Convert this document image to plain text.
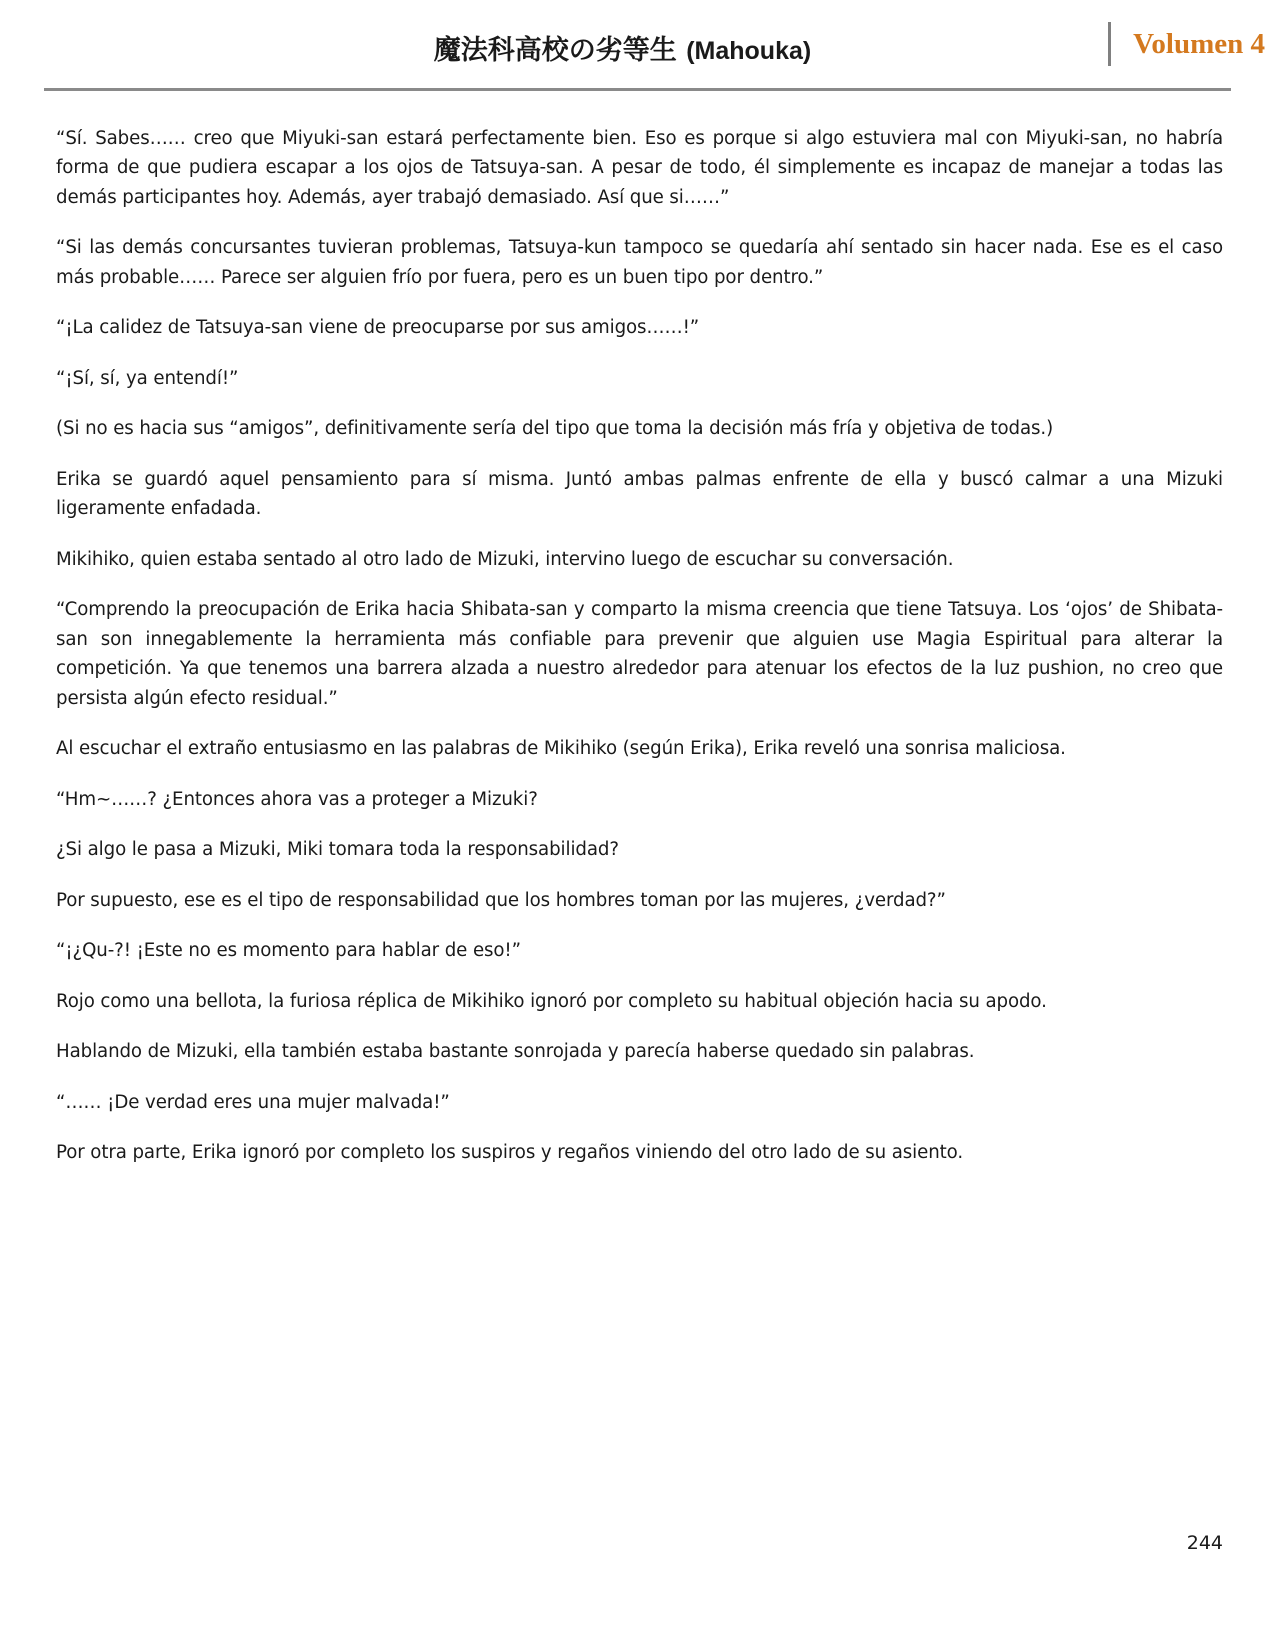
魔法科高校の劣等生 (Mahouka)	Volumen 4

“Sí. Sabes…… creo que Miyuki-san estará perfectamente bien. Eso es porque si algo estuviera mal con Miyuki-san, no habría forma de que pudiera escapar a los ojos de Tatsuya-san. A pesar de todo, él simplemente es incapaz de manejar a todas las demás participantes hoy. Además, ayer trabajó demasiado. Así que si……”

“Si las demás concursantes tuvieran problemas, Tatsuya-kun tampoco se quedaría ahí sentado sin hacer nada. Ese es el caso más probable…… Parece ser alguien frío por fuera, pero es un buen tipo por dentro.”

“¡La calidez de Tatsuya-san viene de preocuparse por sus amigos……!”

“¡Sí, sí, ya entendí!”

(Si no es hacia sus “amigos”, definitivamente sería del tipo que toma la decisión más fría y objetiva de todas.)

Erika se guardó aquel pensamiento para sí misma. Juntó ambas palmas enfrente de ella y buscó calmar a una Mizuki ligeramente enfadada.

Mikihiko, quien estaba sentado al otro lado de Mizuki, intervino luego de escuchar su conversación.

“Comprendo la preocupación de Erika hacia Shibata-san y comparto la misma creencia que tiene Tatsuya. Los ‘ojos’ de Shibata-san son innegablemente la herramienta más confiable para prevenir que alguien use Magia Espiritual para alterar la competición. Ya que tenemos una barrera alzada a nuestro alrededor para atenuar los efectos de la luz pushion, no creo que persista algún efecto residual.”

Al escuchar el extraño entusiasmo en las palabras de Mikihiko (según Erika), Erika reveló una sonrisa maliciosa.

“Hm~……? ¿Entonces ahora vas a proteger a Mizuki?

¿Si algo le pasa a Mizuki, Miki tomara toda la responsabilidad?

Por supuesto, ese es el tipo de responsabilidad que los hombres toman por las mujeres, ¿verdad?”

“¡¿Qu-?! ¡Este no es momento para hablar de eso!”

Rojo como una bellota, la furiosa réplica de Mikihiko ignoró por completo su habitual objeción hacia su apodo.

Hablando de Mizuki, ella también estaba bastante sonrojada y parecía haberse quedado sin palabras.

“…… ¡De verdad eres una mujer malvada!”

Por otra parte, Erika ignoró por completo los suspiros y regaños viniendo del otro lado de su asiento.

244
